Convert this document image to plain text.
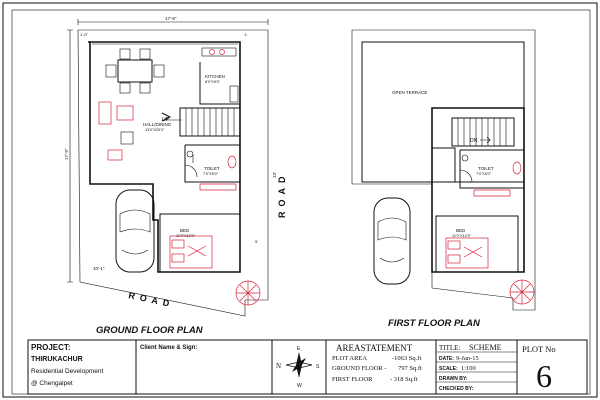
17'-6"
17'-9"
1'-0"	1'-
10'-1"
9'
KITCHEN
8'0"X9'0"
HALL/DINING
13'0"X20'0"
UP
TOILET
7'0"X5'0"
BED
11'0"X12'0"
ROAD
13'
ROAD
GROUND FLOOR PLAN
OPEN TERRACE
DN
TOILET
7'0"X5'0"
BED
11'0"X12'0"
FIRST FLOOR PLAN
PROJECT:
THIRUKACHUR
Residential Development
@ Chengalpet
Client Name & Sign:
N
E
S
W
AREASTATEMENT
PLOT AREA	-1063 Sq.ft
GROUND FLOOR - 797 Sq.ft
FIRST FLOOR	- 318 Sq.ft
TITLE: SCHEME
DATE: 9-Jan-15
SCALE: 1:100
DRAWN BY:
CHECKED BY:
PLOT No
6
